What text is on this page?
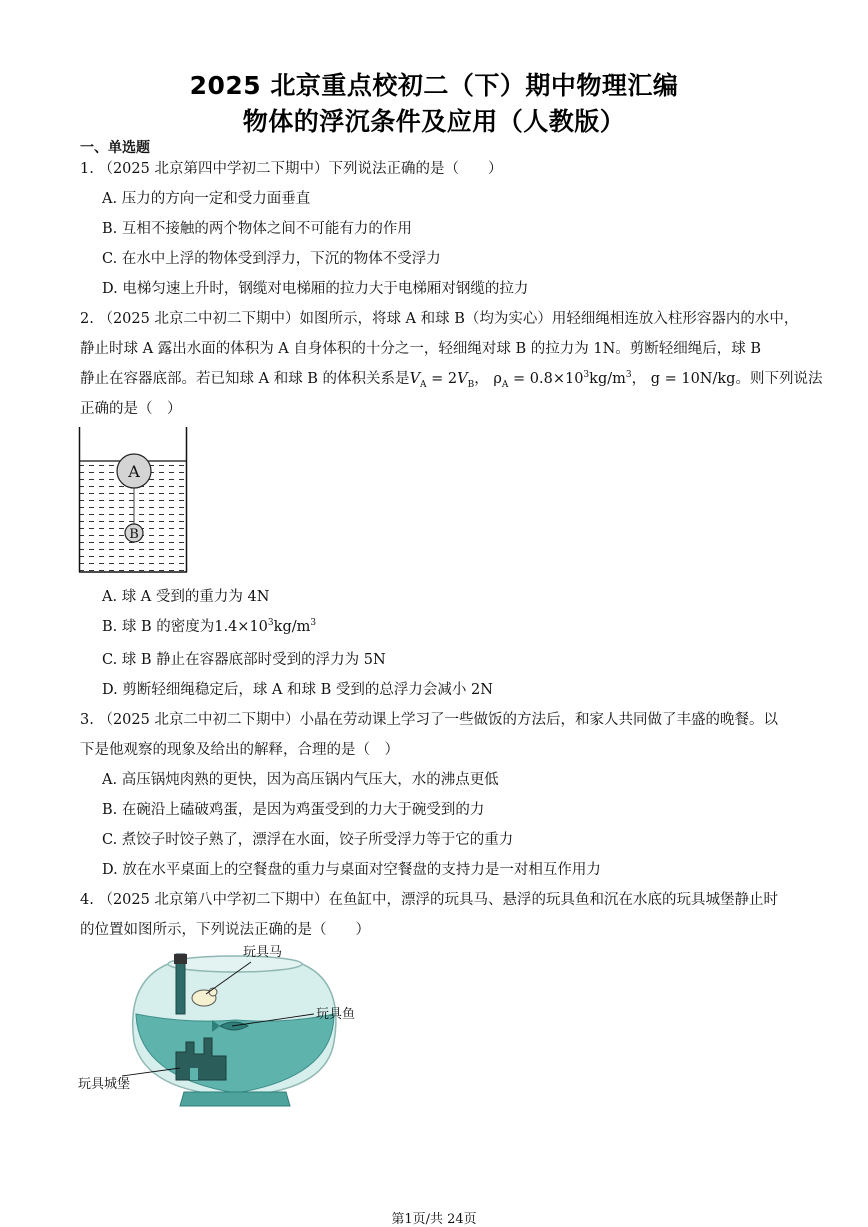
2025 北京重点校初二（下）期中物理汇编
物体的浮沉条件及应用（人教版）
一、单选题
1. （2025 北京第四中学初二下期中）下列说法正确的是（　　）
A. 压力的方向一定和受力面垂直
B. 互相不接触的两个物体之间不可能有力的作用
C. 在水中上浮的物体受到浮力，下沉的物体不受浮力
D. 电梯匀速上升时，钢缆对电梯厢的拉力大于电梯厢对钢缆的拉力
2. （2025 北京二中初二下期中）如图所示，将球 A 和球 B（均为实心）用轻细绳相连放入柱形容器内的水中，
静止时球 A 露出水面的体积为 A 自身体积的十分之一，轻细绳对球 B 的拉力为 1N。剪断轻细绳后，球 B
静止在容器底部。若已知球 A 和球 B 的体积关系是$V_A = 2V_B$， $\rho_A = 0.8\times 10^3kg/m^3$， g = 10N/kg。则下列说法
正确的是（　）
A
B
A. 球 A 受到的重力为 4N
B. 球 B 的密度为$1.4\times 10^3kg/m^3$
C. 球 B 静止在容器底部时受到的浮力为 5N
D. 剪断轻细绳稳定后，球 A 和球 B 受到的总浮力会减小 2N
3. （2025 北京二中初二下期中）小晶在劳动课上学习了一些做饭的方法后，和家人共同做了丰盛的晚餐。以
下是他观察的现象及给出的解释，合理的是（　）
A. 高压锅炖肉熟的更快，因为高压锅内气压大，水的沸点更低
B. 在碗沿上磕破鸡蛋，是因为鸡蛋受到的力大于碗受到的力
C. 煮饺子时饺子熟了，漂浮在水面，饺子所受浮力等于它的重力
D. 放在水平桌面上的空餐盘的重力与桌面对空餐盘的支持力是一对相互作用力
4. （2025 北京第八中学初二下期中）在鱼缸中，漂浮的玩具马、悬浮的玩具鱼和沉在水底的玩具城堡静止时
的位置如图所示，下列说法正确的是（　　）
玩具马
玩具鱼
玩具城堡
第1页/共 24页
